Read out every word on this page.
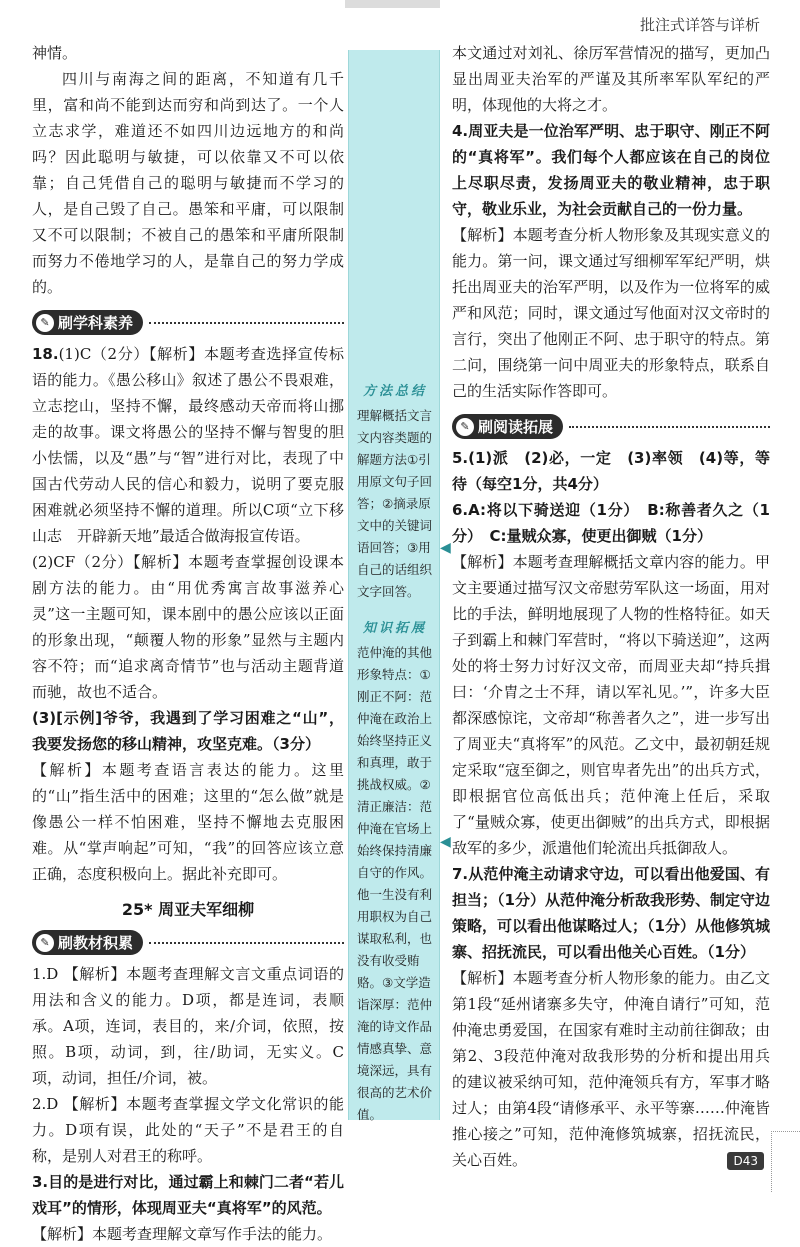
批注式详答与详析

神情。

四川与南海之间的距离，不知道有几千里，富和尚不能到达而穷和尚到达了。一个人立志求学，难道还不如四川边远地方的和尚吗？因此聪明与敏捷，可以依靠又不可以依靠；自己凭借自己的聪明与敏捷而不学习的人，是自己毁了自己。愚笨和平庸，可以限制又不可以限制；不被自己的愚笨和平庸所限制而努力不倦地学习的人，是靠自己的努力学成的。

✎ 刷学科素养

18.(1)C（2分）【解析】本题考查选择宣传标语的能力。《愚公移山》叙述了愚公不畏艰难，立志挖山，坚持不懈，最终感动天帝而将山挪走的故事。课文将愚公的坚持不懈与智叟的胆小怯懦，以及“愚”与“智”进行对比，表现了中国古代劳动人民的信心和毅力，说明了要克服困难就必须坚持不懈的道理。所以C项“立下移山志　开辟新天地”最适合做海报宣传语。

(2)CF（2分）【解析】本题考查掌握创设课本剧方法的能力。由“用优秀寓言故事滋养心灵”这一主题可知，课本剧中的愚公应该以正面的形象出现，“颠覆人物的形象”显然与主题内容不符；而“追求离奇情节”也与活动主题背道而驰，故也不适合。

(3)[示例]爷爷，我遇到了学习困难之“山”，我要发扬您的移山精神，攻坚克难。（3分）

【解析】本题考查语言表达的能力。这里的“山”指生活中的困难；这里的“怎么做”就是像愚公一样不怕困难，坚持不懈地去克服困难。从“掌声响起”可知，“我”的回答应该立意正确，态度积极向上。据此补充即可。

25* 周亚夫军细柳
✎ 刷教材积累

1.D 【解析】本题考查理解文言文重点词语的用法和含义的能力。D项，都是连词，表顺承。A项，连词，表目的，来/介词，依照，按照。B项，动词，到，往/助词，无实义。C项，动词，担任/介词，被。

2.D 【解析】本题考查掌握文学文化常识的能力。D项有误，此处的“天子”不是君王的自称，是别人对君王的称呼。

3.目的是进行对比，通过霸上和棘门二者“若儿戏耳”的情形，体现周亚夫“真将军”的风范。

【解析】本题考查理解文章写作手法的能力。

方法总结

理解概括文言文内容类题的解题方法①引用原文句子回答；②摘录原文中的关键词语回答；③用自己的话组织文字回答。

知识拓展

范仲淹的其他形象特点：①刚正不阿：范仲淹在政治上始终坚持正义和真理，敢于挑战权威。②清正廉洁：范仲淹在官场上始终保持清廉自守的作风。他一生没有利用职权为自己谋取私利，也没有收受贿赂。③文学造诣深厚：范仲淹的诗文作品情感真挚、意境深远，具有很高的艺术价值。

◀
◀

本文通过对刘礼、徐厉军营情况的描写，更加凸显出周亚夫治军的严谨及其所率军队军纪的严明，体现他的大将之才。

4.周亚夫是一位治军严明、忠于职守、刚正不阿的“真将军”。我们每个人都应该在自己的岗位上尽职尽责，发扬周亚夫的敬业精神，忠于职守，敬业乐业，为社会贡献自己的一份力量。

【解析】本题考查分析人物形象及其现实意义的能力。第一问，课文通过写细柳军军纪严明，烘托出周亚夫的治军严明，以及作为一位将军的威严和风范；同时，课文通过写他面对汉文帝时的言行，突出了他刚正不阿、忠于职守的特点。第二问，围绕第一问中周亚夫的形象特点，联系自己的生活实际作答即可。

✎ 刷阅读拓展

5.(1)派　(2)必，一定　(3)率领　(4)等，等待（每空1分，共4分）

6.A:将以下骑送迎（1分）　B:称善者久之（1分）　C:量贼众寡，使更出御贼（1分）

【解析】本题考查理解概括文章内容的能力。甲文主要通过描写汉文帝慰劳军队这一场面，用对比的手法，鲜明地展现了人物的性格特征。如天子到霸上和棘门军营时，“将以下骑送迎”，这两处的将士努力讨好汉文帝，而周亚夫却“持兵揖曰：‘介胄之士不拜，请以军礼见。’”，许多大臣都深感惊诧，文帝却“称善者久之”，进一步写出了周亚夫“真将军”的风范。乙文中，最初朝廷规定采取“寇至御之，则官卑者先出”的出兵方式，即根据官位高低出兵；范仲淹上任后，采取了“量贼众寡，使更出御贼”的出兵方式，即根据敌军的多少，派遣他们轮流出兵抵御敌人。

7.从范仲淹主动请求守边，可以看出他爱国、有担当；（1分）从范仲淹分析敌我形势、制定守边策略，可以看出他谋略过人；（1分）从他修筑城寨、招抚流民，可以看出他关心百姓。（1分）

【解析】本题考查分析人物形象的能力。由乙文第1段“延州诸寨多失守，仲淹自请行”可知，范仲淹忠勇爱国，在国家有难时主动前往御敌；由第2、3段范仲淹对敌我形势的分析和提出用兵的建议被采纳可知，范仲淹领兵有方，军事才略过人；由第4段“请修承平、永平等寨……仲淹皆推心接之”可知，范仲淹修筑城寨，招抚流民，关心百姓。	D43
